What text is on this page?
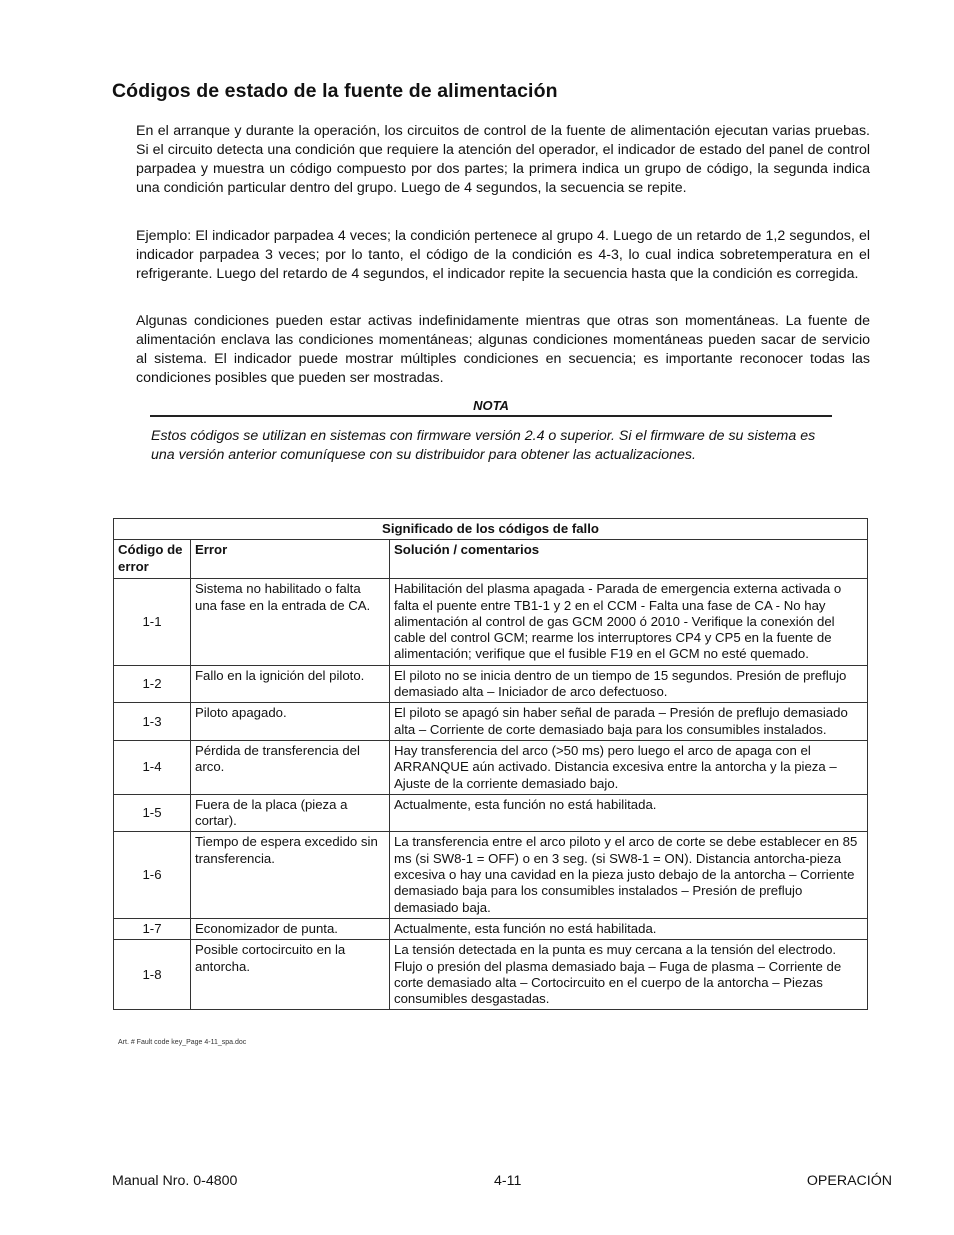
Códigos de estado de la fuente de alimentación

En el arranque y durante la operación, los circuitos de control de la fuente de alimentación ejecutan varias pruebas. Si el circuito detecta una condición que requiere la atención del operador, el indicador de estado del panel de control parpadea y muestra un código compuesto por dos partes; la primera indica un grupo de código, la segunda indica una condición particular dentro del grupo. Luego de 4 segundos, la secuencia se repite.

Ejemplo: El indicador parpadea 4 veces; la condición pertenece al grupo 4. Luego de un retardo de 1,2 segundos, el indicador parpadea 3 veces; por lo tanto, el código de la condición es 4-3, lo cual indica sobretemperatura en el refrigerante. Luego del retardo de 4 segundos, el indicador repite la secuencia hasta que la condición es corregida.

Algunas condiciones pueden estar activas indefinidamente mientras que otras son momentáneas. La fuente de alimentación enclava las condiciones momentáneas; algunas condiciones momentáneas pueden sacar de servicio al sistema. El indicador puede mostrar múltiples condiciones en secuencia; es importante reconocer todas las condiciones posibles que pueden ser mostradas.

NOTA

Estos códigos se utilizan en sistemas con firmware versión 2.4 o superior. Si el firmware de su sistema es una versión anterior comuníquese con su distribuidor para obtener las actualizaciones.

Significado de los códigos de fallo		
Código de error	Error	Solución / comentarios
1-1	Sistema no habilitado o falta una fase en la entrada de CA.	Habilitación del plasma apagada - Parada de emergencia externa activada o falta el puente entre TB1-1 y 2 en el CCM - Falta una fase de CA - No hay alimentación al control de gas GCM 2000 ó 2010 - Verifique la conexión del cable del control GCM; rearme los interruptores CP4 y CP5 en la fuente de alimentación; verifique que el fusible F19 en el GCM no esté quemado.
1-2	Fallo en la ignición del piloto.	El piloto no se inicia dentro de un tiempo de 15 segundos. Presión de preflujo demasiado alta – Iniciador de arco defectuoso.
1-3	Piloto apagado.	El piloto se apagó sin haber señal de parada – Presión de preflujo demasiado alta – Corriente de corte demasiado baja para los consumibles instalados.
1-4	Pérdida de transferencia del arco.	Hay transferencia del arco (>50 ms) pero luego el arco de apaga con el ARRANQUE aún activado. Distancia excesiva entre la antorcha y la pieza – Ajuste de la corriente demasiado bajo.
1-5	Fuera de la placa (pieza a cortar).	Actualmente, esta función no está habilitada.
1-6	Tiempo de espera excedido sin transferencia.	La transferencia entre el arco piloto y el arco de corte se debe establecer en 85 ms (si SW8-1 = OFF) o en 3 seg. (si SW8-1 = ON). Distancia antorcha-pieza excesiva o hay una cavidad en la pieza justo debajo de la antorcha – Corriente demasiado baja para los consumibles instalados – Presión de preflujo demasiado baja.
1-7	Economizador de punta.	Actualmente, esta función no está habilitada.
1-8	Posible cortocircuito en la antorcha.	La tensión detectada en la punta es muy cercana a la tensión del electrodo. Flujo o presión del plasma demasiado baja – Fuga de plasma – Corriente de corte demasiado alta – Cortocircuito en el cuerpo de la antorcha – Piezas consumibles desgastadas.
Art. # Fault code key_Page 4-11_spa.doc
Manual Nro. 0-4800	4-11	OPERACIÓN
